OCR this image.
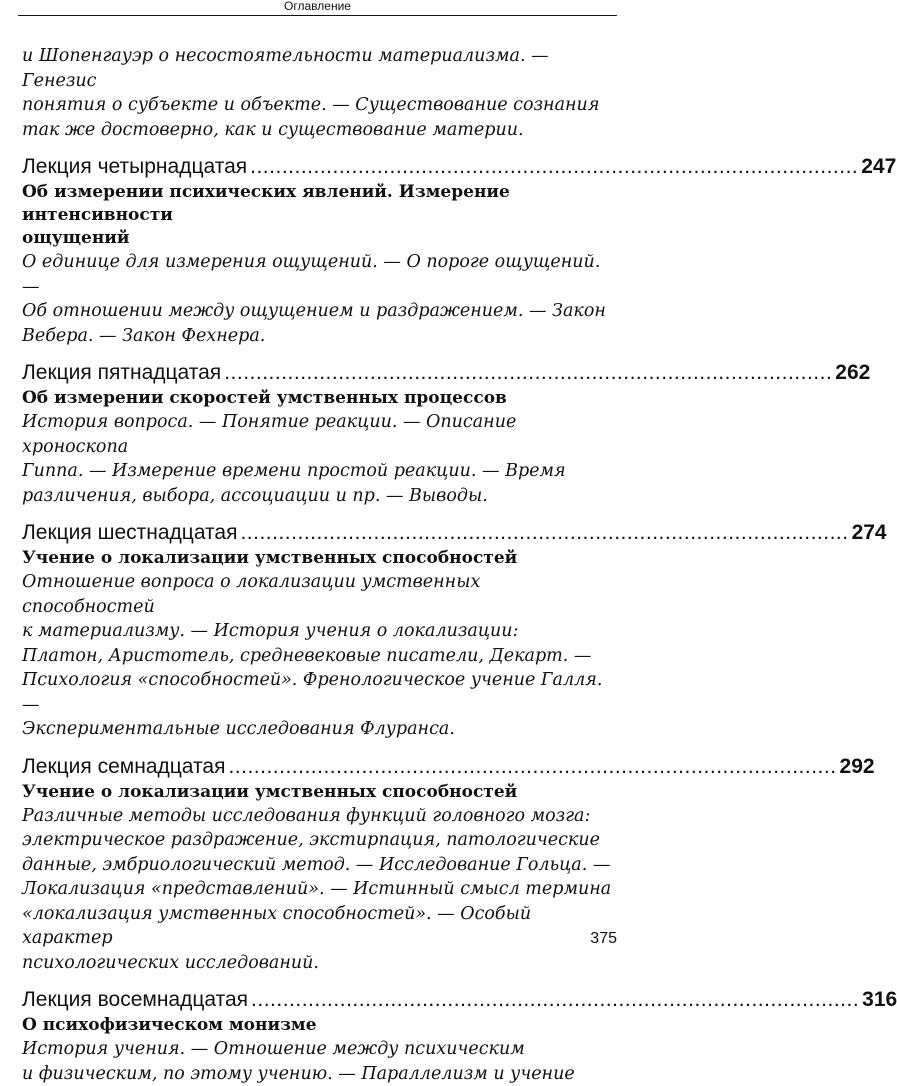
Оглавление

и Шопенгауэр о несостоятельности материализма. — Генезис

понятия о субъекте и объекте. — Существование сознания

так же достоверно, как и существование материи.

Лекция четырнадцатая ................................................................................................ 247

Об измерении психических явлений. Измерение интенсивности
ощущений

О единице для измерения ощущений. — О пороге ощущений. —

Об отношении между ощущением и раздражением. — Закон

Вебера. — Закон Фехнера.

Лекция пятнадцатая ................................................................................................ 262

Об измерении скоростей умственных процессов

История вопроса. — Понятие реакции. — Описание хроноскопа

Гиппа. — Измерение времени простой реакции. — Время

различения, выбора, ассоциации и пр. — Выводы.

Лекция шестнадцатая ................................................................................................ 274

Учение о локализации умственных способностей

Отношение вопроса о локализации умственных способностей

к материализму. — История учения о локализации:

Платон, Аристотель, средневековые писатели, Декарт. —

Психология «способностей». Френологическое учение Галля. —

Экспериментальные исследования Флуранса.

Лекция семнадцатая ................................................................................................ 292

Учение о локализации умственных способностей

Различные методы исследования функций головного мозга:

электрическое раздражение, экстирпация, патологические

данные, эмбриологический метод. — Исследование Гольца. —

Локализация «представлений». — Истинный смысл термина

«локализация умственных способностей». — Особый характер

психологических исследований.

Лекция восемнадцатая ................................................................................................ 316

О психофизическом монизме

История учения. — Отношение между психическим

и физическим, по этому учению. — Параллелизм и учение

375
